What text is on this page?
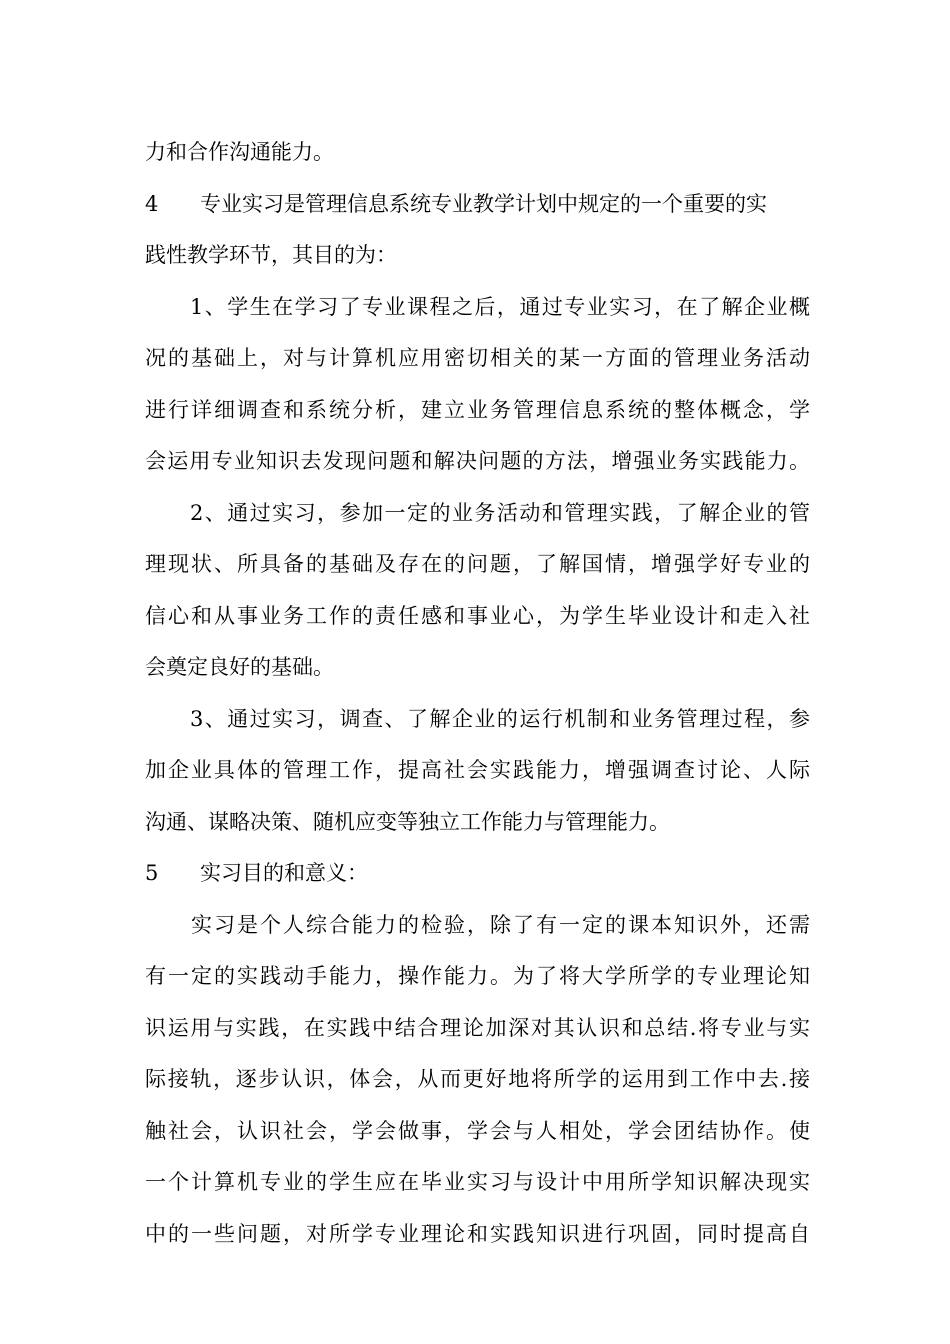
力和合作沟通能力。
4 专业实习是管理信息系统专业教学计划中规定的一个重要的实
践性教学环节，其目的为：
　　1、学生在学习了专业课程之后，通过专业实习，在了解企业概
况的基础上，对与计算机应用密切相关的某一方面的管理业务活动
进行详细调查和系统分析，建立业务管理信息系统的整体概念，学
会运用专业知识去发现问题和解决问题的方法，增强业务实践能力。
　　2、通过实习，参加一定的业务活动和管理实践，了解企业的管
理现状、所具备的基础及存在的问题，了解国情，增强学好专业的
信心和从事业务工作的责任感和事业心，为学生毕业设计和走入社
会奠定良好的基础。
　　3、通过实习，调查、了解企业的运行机制和业务管理过程，参
加企业具体的管理工作，提高社会实践能力，增强调查讨论、人际
沟通、谋略决策、随机应变等独立工作能力与管理能力。
5 实习目的和意义：
　　实习是个人综合能力的检验，除了有一定的课本知识外，还需
有一定的实践动手能力，操作能力。为了将大学所学的专业理论知
识运用与实践，在实践中结合理论加深对其认识和总结.将专业与实
际接轨，逐步认识，体会，从而更好地将所学的运用到工作中去.接
触社会，认识社会，学会做事，学会与人相处，学会团结协作。使
一个计算机专业的学生应在毕业实习与设计中用所学知识解决现实
中的一些问题，对所学专业理论和实践知识进行巩固，同时提高自
